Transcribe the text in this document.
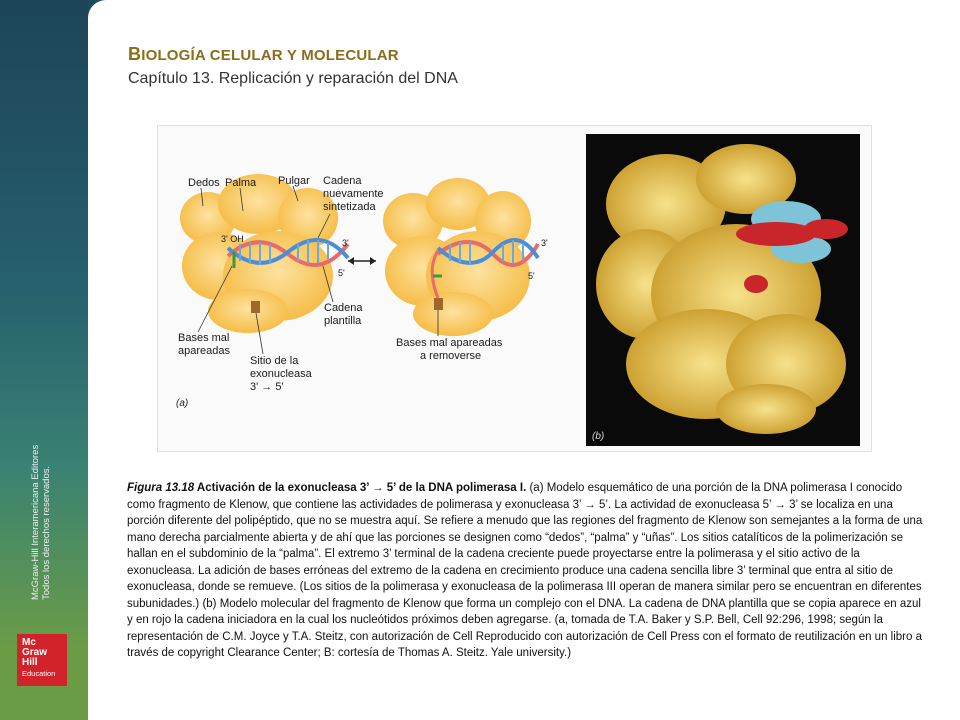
McGraw-Hill Interamericana Editores Todos los derechos reservados.
Mc
Graw
Hill
Education
BIOLOGÍA CELULAR Y MOLECULAR
Capítulo 13. Replicación y reparación del DNA
Dedos Palma Pulgar Cadena
nuevamente
sintetizada
3' OH	3'
5'
3'
5'
Cadena
plantilla
Bases mal
apareadas
Sitio de la
exonucleasa
3' → 5'
Bases mal apareadas
a removerse
(a)
(b)
Figura 13.18 Activación de la exonucleasa 3’ → 5’ de la DNA polimerasa I. (a) Modelo esquemático de una porción de la DNA polimerasa I conocido como fragmento de Klenow, que contiene las actividades de polimerasa y exonucleasa 3’ → 5’. La actividad de exonucleasa 5’ → 3’ se localiza en una porción diferente del polipéptido, que no se muestra aquí. Se refiere a menudo que las regiones del fragmento de Klenow son semejantes a la forma de una mano derecha parcialmente abierta y de ahí que las porciones se designen como “dedos”, “palma” y “uñas”. Los sitios catalíticos de la polimerización se hallan en el subdominio de la “palma”. El extremo 3’ terminal de la cadena creciente puede proyectarse entre la polimerasa y el sitio activo de la exonucleasa. La adición de bases erróneas del extremo de la cadena en crecimiento produce una cadena sencilla libre 3’ terminal que entra al sitio de exonucleasa, donde se remueve. (Los sitios de la polimerasa y exonucleasa de la polimerasa III operan de manera similar pero se encuentran en diferentes subunidades.) (b) Modelo molecular del fragmento de Klenow que forma un complejo con el DNA. La cadena de DNA plantilla que se copia aparece en azul y en rojo la cadena iniciadora en la cual los nucleótidos próximos deben agregarse. (a, tomada de T.A. Baker y S.P. Bell, Cell 92:296, 1998; según la representación de C.M. Joyce y T.A. Steitz, con autorización de Cell Reproducido con autorización de Cell Press con el formato de reutilización en un libro a través de copyright Clearance Center; B: cortesía de Thomas A. Steitz. Yale university.)
